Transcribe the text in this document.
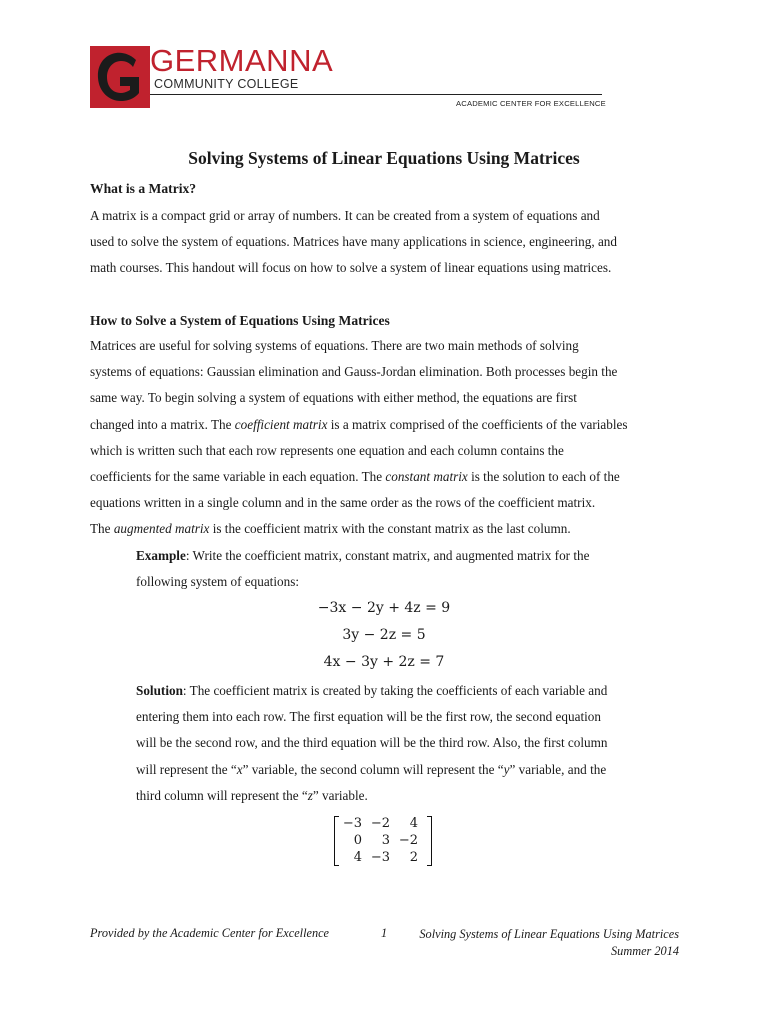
GERMANNA
COMMUNITY COLLEGE
ACADEMIC CENTER FOR EXCELLENCE
Solving Systems of Linear Equations Using Matrices
What is a Matrix?
A matrix is a compact grid or array of numbers. It can be created from a system of equations and
used to solve the system of equations. Matrices have many applications in science, engineering, and
math courses. This handout will focus on how to solve a system of linear equations using matrices.
How to Solve a System of Equations Using Matrices
Matrices are useful for solving systems of equations. There are two main methods of solving
systems of equations: Gaussian elimination and Gauss-Jordan elimination. Both processes begin the
same way. To begin solving a system of equations with either method, the equations are first
changed into a matrix. The coefficient matrix is a matrix comprised of the coefficients of the variables
which is written such that each row represents one equation and each column contains the
coefficients for the same variable in each equation. The constant matrix is the solution to each of the
equations written in a single column and in the same order as the rows of the coefficient matrix.
The augmented matrix is the coefficient matrix with the constant matrix as the last column.
Example: Write the coefficient matrix, constant matrix, and augmented matrix for the
following system of equations:
−3x − 2y + 4z = 9
3y − 2z = 5
4x − 3y + 2z = 7
Solution: The coefficient matrix is created by taking the coefficients of each variable and
entering them into each row. The first equation will be the first row, the second equation
will be the second row, and the third equation will be the third row. Also, the first column
will represent the “x” variable, the second column will represent the “y” variable, and the
third column will represent the “z” variable.
−3 −2	4
0	3 −2
4 −3	2
Provided by the Academic Center for Excellence	1	Solving Systems of Linear Equations Using Matrices
Summer 2014
